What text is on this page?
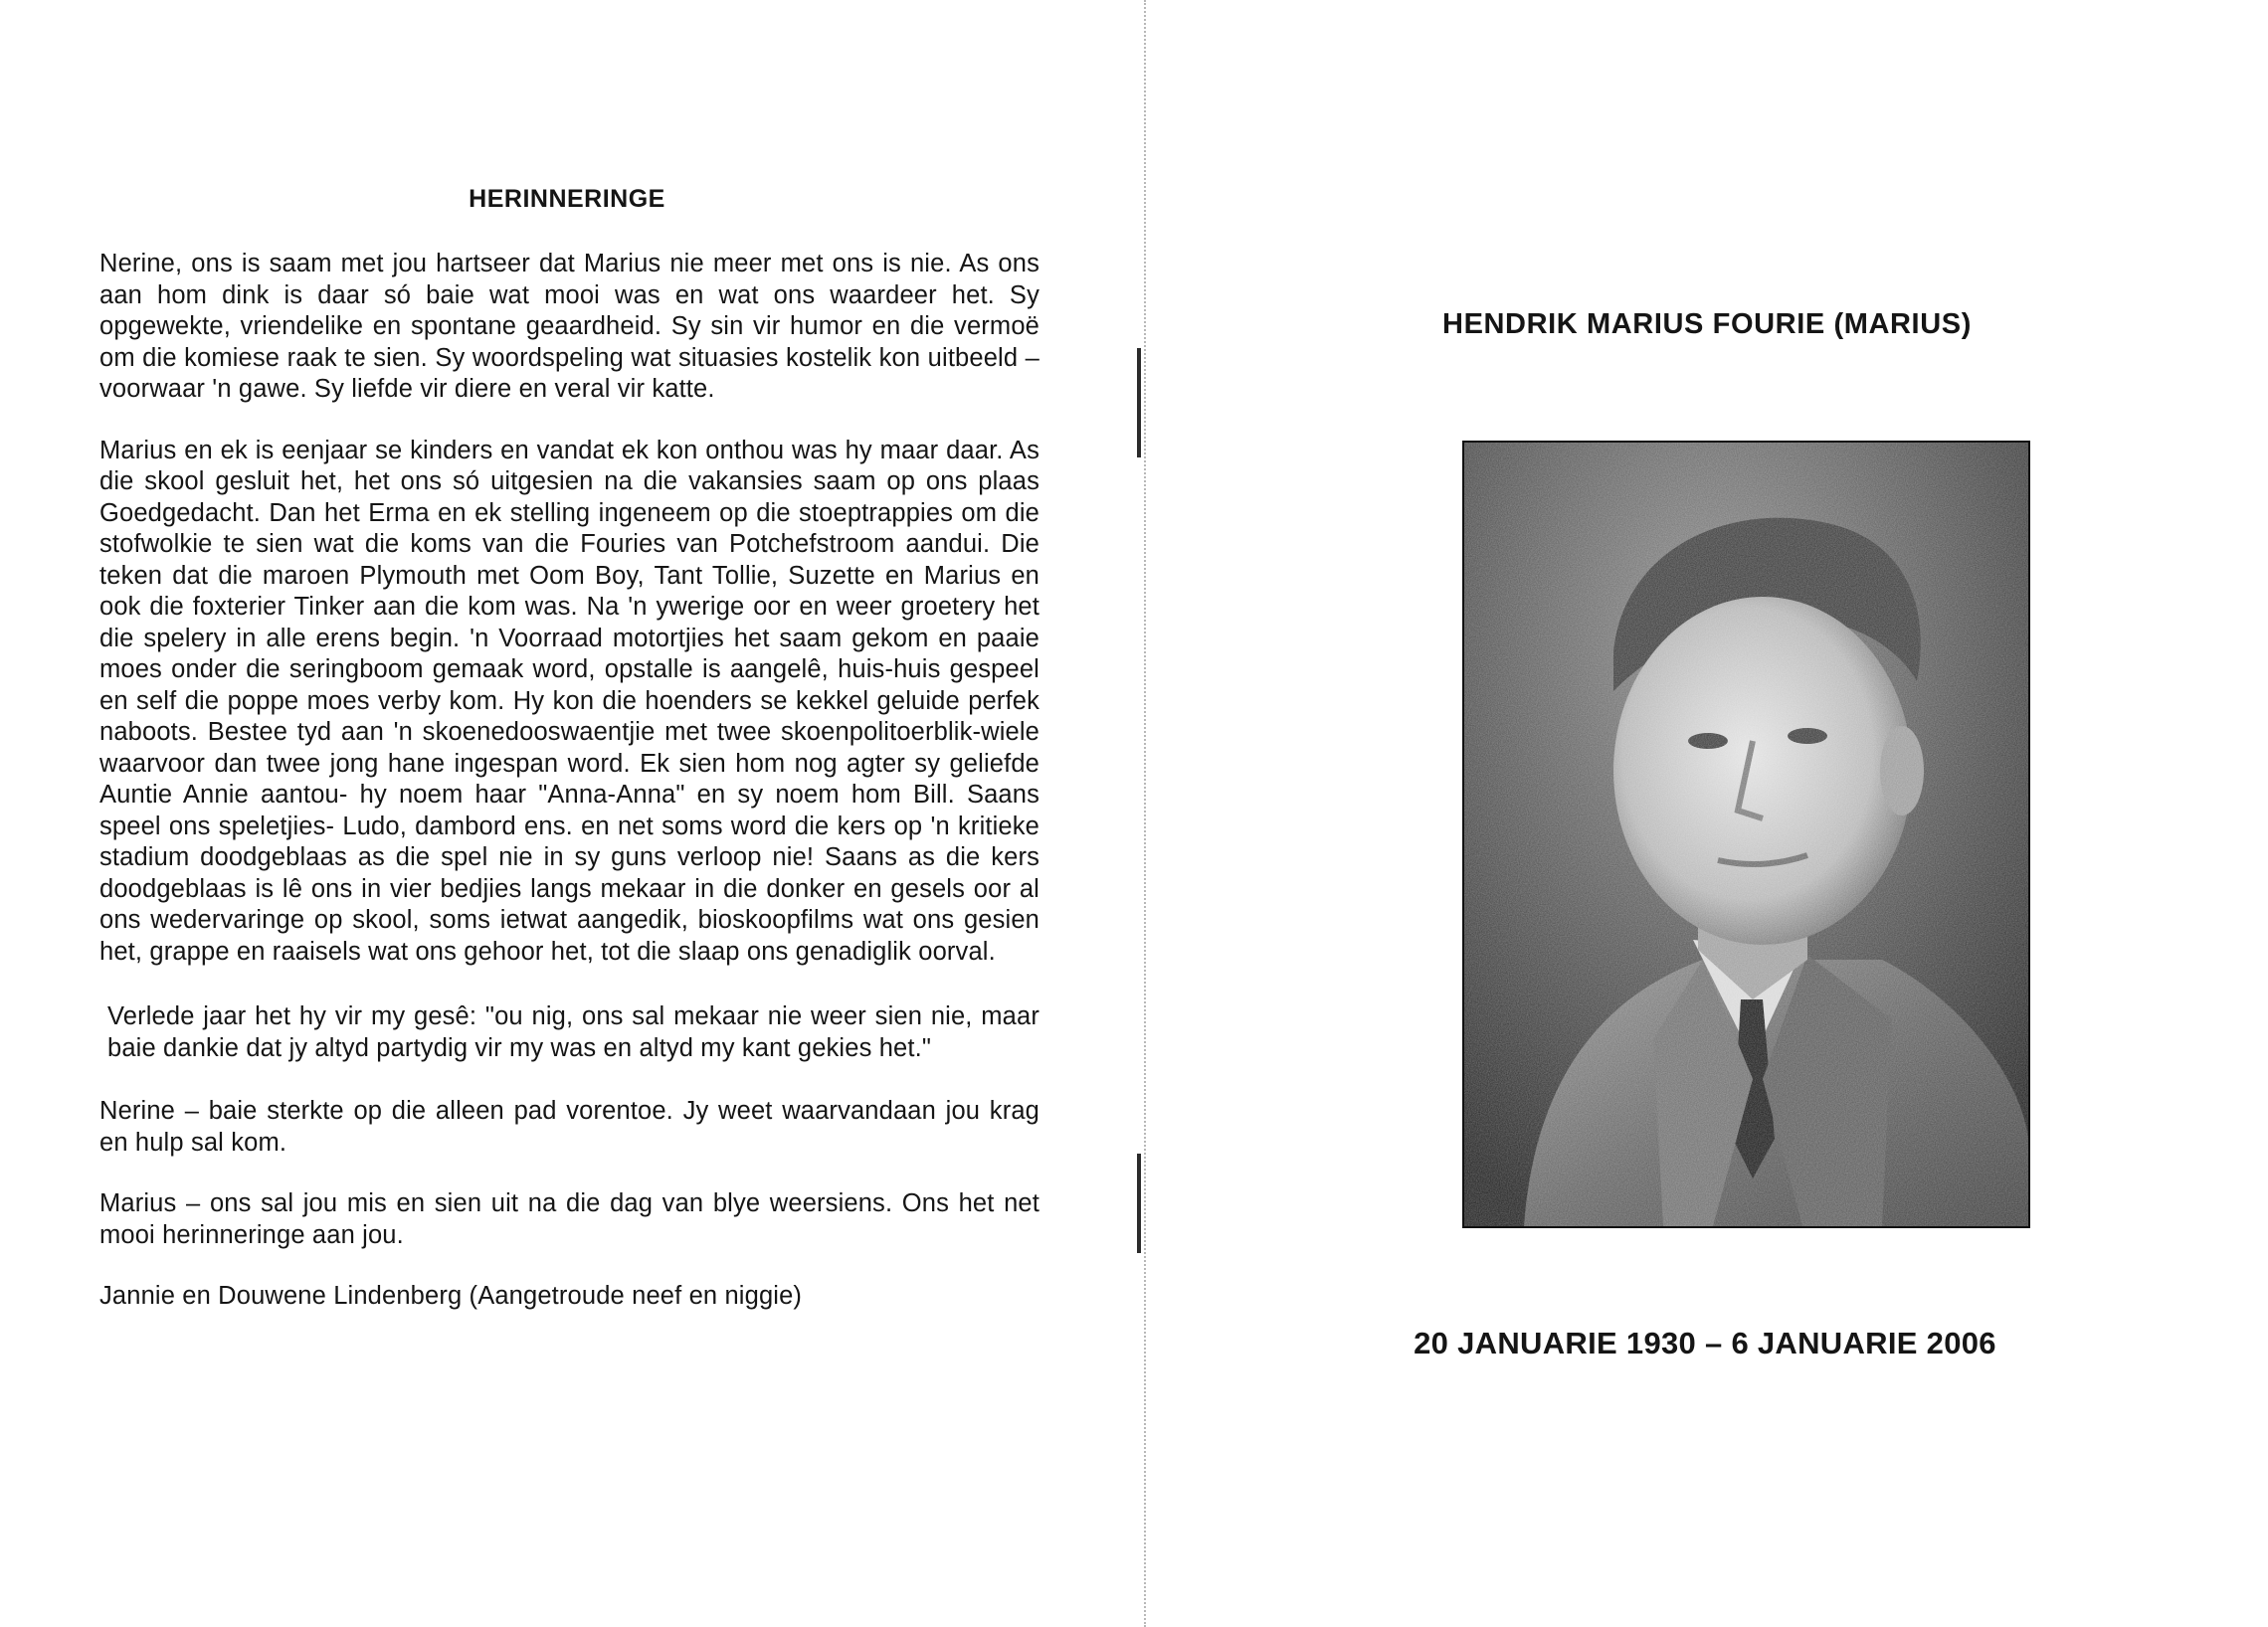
HERINNERINGE

Nerine, ons is saam met jou hartseer dat Marius nie meer met ons is nie. As ons aan hom dink is daar só baie wat mooi was en wat ons waardeer het. Sy opgewekte, vriendelike en spontane geaardheid. Sy sin vir humor en die vermoë om die komiese raak te sien. Sy woordspeling wat situasies kostelik kon uitbeeld – voorwaar 'n gawe. Sy liefde vir diere en veral vir katte.

Marius en ek is eenjaar se kinders en vandat ek kon onthou was hy maar daar. As die skool gesluit het, het ons só uitgesien na die vakansies saam op ons plaas Goedgedacht. Dan het Erma en ek stelling ingeneem op die stoeptrappies om die stofwolkie te sien wat die koms van die Fouries van Potchefstroom aandui. Die teken dat die maroen Plymouth met Oom Boy, Tant Tollie, Suzette en Marius en ook die foxterier Tinker aan die kom was. Na 'n ywerige oor en weer groetery het die spelery in alle erens begin. 'n Voorraad motortjies het saam gekom en paaie moes onder die seringboom gemaak word, opstalle is aangelê, huis-huis gespeel en self die poppe moes verby kom. Hy kon die hoenders se kekkel geluide perfek naboots. Bestee tyd aan 'n skoenedooswaentjie met twee skoenpolitoerblik-wiele waarvoor dan twee jong hane ingespan word. Ek sien hom nog agter sy geliefde Auntie Annie aantou- hy noem haar "Anna-Anna" en sy noem hom Bill. Saans speel ons speletjies- Ludo, dambord ens. en net soms word die kers op 'n kritieke stadium doodgeblaas as die spel nie in sy guns verloop nie! Saans as die kers doodgeblaas is lê ons in vier bedjies langs mekaar in die donker en gesels oor al ons wedervaringe op skool, soms ietwat aangedik, bioskoopfilms wat ons gesien het, grappe en raaisels wat ons gehoor het, tot die slaap ons genadiglik oorval.

Verlede jaar het hy vir my gesê: "ou nig, ons sal mekaar nie weer sien nie, maar baie dankie dat jy altyd partydig vir my was en altyd my kant gekies het."

Nerine – baie sterkte op die alleen pad vorentoe. Jy weet waarvandaan jou krag en hulp sal kom.

Marius – ons sal jou mis en sien uit na die dag van blye weersiens. Ons het net mooi herinneringe aan jou.

Jannie en Douwene Lindenberg (Aangetroude neef en niggie)

HENDRIK MARIUS FOURIE (MARIUS)
20 JANUARIE 1930 – 6 JANUARIE 2006
